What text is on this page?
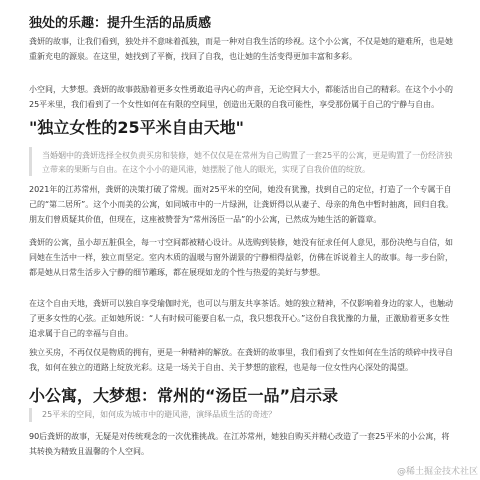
独处的乐趣：提升生活的品质感

龚妍的故事，让我们看到，独处并不意味着孤独，而是一种对自我生活的珍视。这个小公寓，不仅是她的避难所，也是她重新充电的源泉。在这里，她找到了平衡，找回了自我，也让她的生活变得更加丰富和多彩。

小空间，大梦想。龚妍的故事鼓励着更多女性勇敢追寻内心的声音，无论空间大小，都能活出自己的精彩。在这个小小的25平米里，我们看到了一个女性如何在有限的空间里，创造出无限的自我可能性，享受那份属于自己的宁静与自由。

"独立女性的25平米自由天地"
当婚姻中的龚妍选择全权负责买房和装修，她不仅仅是在常州为自己购置了一套25平的公寓，更是购置了一份经济独立带来的果断与自由。在这个小小的避风港，她摆脱了他人的眼光，实现了自我价值的绽放。

2021年的江苏常州，龚妍的决策打破了常规。面对25平米的空间，她没有犹豫，找到自己的定位，打造了一个专属于自己的“第二居所”。这个小而美的公寓，如同城市中的一片绿洲，让龚妍得以从妻子、母亲的角色中暂时抽离，回归自我。朋友们曾质疑其价值，但现在，这座被赞誉为“常州汤臣一品”的小公寓，已然成为她生活的新篇章。

龚妍的公寓，虽小却五脏俱全，每一寸空间都被精心设计。从选购到装修，她没有征求任何人意见，那份决绝与自信，如同她在生活中一样，独立而坚定。室内木质的温暖与窗外湖景的宁静相得益彰，仿佛在诉说着主人的故事。每一步台阶，都是她从日常生活步入宁静的细节雕琢，都在展现如龙的个性与热爱的美好与梦想。

在这个自由天地，龚妍可以独自享受瑜伽时光，也可以与朋友共享茶话。她的独立精神，不仅影响着身边的家人，也触动了更多女性的心弦。正如她所说：“人有时候可能要自私一点，我只想我开心。”这份自我犹豫的力量，正激励着更多女性追求属于自己的幸福与自由。

独立买房，不再仅仅是物质的拥有，更是一种精神的解放。在龚妍的故事里，我们看到了女性如何在生活的琐碎中找寻自我，如何在独立的道路上绽放光彩。这是一场关于自由、关于梦想的旅程，也是每一位女性内心深处的渴望。

小公寓，大梦想：常州的“汤臣一品”启示录
25平米的空间，如何成为城市中的避风港，演绎品质生活的奇迹？

90后龚妍的故事，无疑是对传统观念的一次优雅挑战。在江苏常州，她独自购买并精心改造了一套25平米的小公寓，将其转换为精致且温馨的个人空间。

@稀土掘金技术社区
